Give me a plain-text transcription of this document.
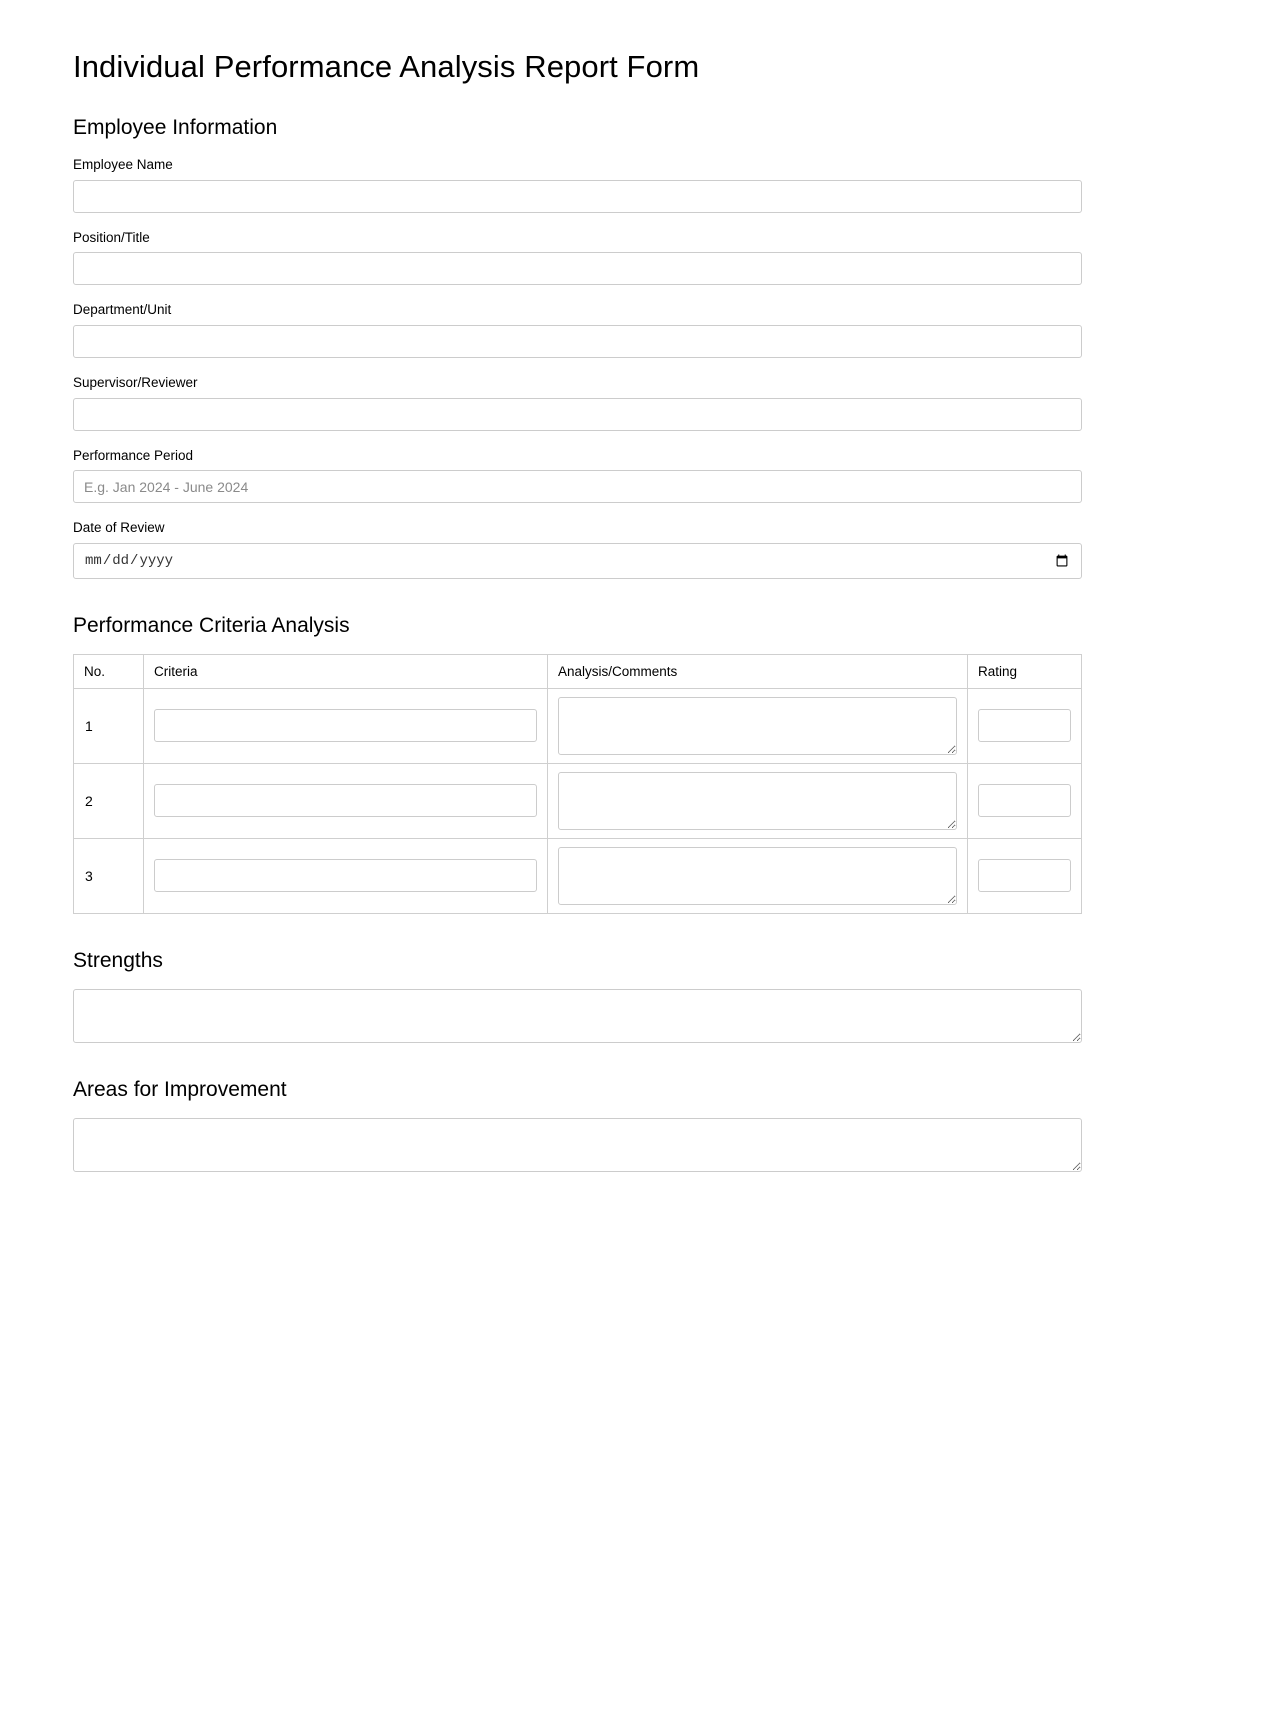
Individual Performance Analysis Report Form
Employee Information
Employee Name
Position/Title
Department/Unit
Supervisor/Reviewer
Performance Period
E.g. Jan 2024 - June 2024
Date of Review
Performance Criteria Analysis
No.	Criteria	Analysis/Comments	Rating
1		

2		

3		

Strengths
Areas for Improvement
